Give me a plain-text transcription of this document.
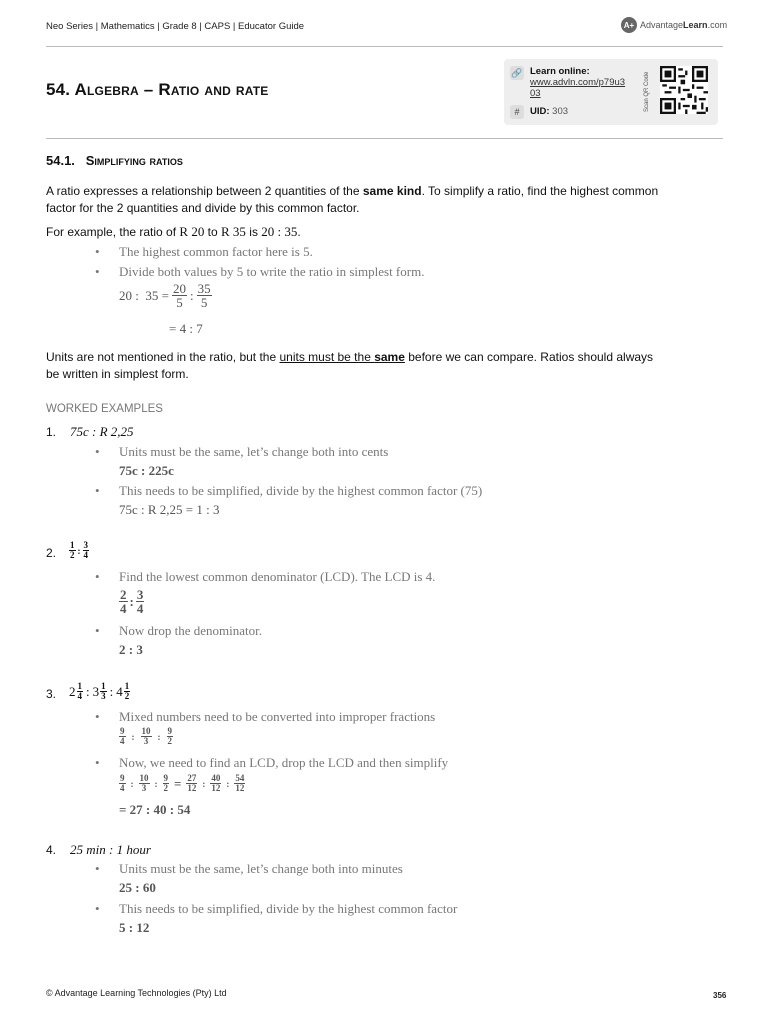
Neo Series | Mathematics | Grade 8 | CAPS | Educator Guide	A+ AdvantageLearn.com
54. Algebra – Ratio and rate
🔗 Learn online:
www.advln.com/p79u3
03
#	UID: 303	Scan QR Code
54.1.   Simplifying ratios
A ratio expresses a relationship between 2 quantities of the same kind. To simplify a ratio, find the highest common
factor for the 2 quantities and divide by this common factor.
For example, the ratio of R 20 to R 35 is 20 : 35.
• The highest common factor here is 5.
• Divide both values by 5 to write the ratio in simplest form.
20 :  $35 = \frac{20}{5}$ : $\frac{35}{5}$
= 4 : 7
Units are not mentioned in the ratio, but the units must be the same before we can compare. Ratios should always
be written in simplest form.
WORKED EXAMPLES
1. 75c : R 2,25
• Units must be the same, let’s change both into cents
75c : 225c
• This needs to be simplified, divide by the highest common factor (75)
75c : R 2,25 = 1 : 3
2. $\frac{1}{2}$ : $\frac{3}{4}$
• Find the lowest common denominator (LCD). The LCD is 4.
$\frac{2}{4}$ : $\frac{3}{4}$
• Now drop the denominator.
2 : 3
3. $2 \frac{1}{4}$ : $3 \frac{1}{3}$ : $4 \frac{1}{2}$
• Mixed numbers need to be converted into improper fractions
$\frac{9}{4}$ : $\frac{10}{3}$ : $\frac{9}{2}$
• Now, we need to find an LCD, drop the LCD and then simplify
$\frac{9}{4}$ : $\frac{10}{3}$ : $\frac{9}{2} = \frac{27}{12}$ : $\frac{40}{12}$ : $\frac{54}{12}$
= 27 : 40 : 54
4. 25 min : 1 hour
• Units must be the same, let’s change both into minutes
25 : 60
• This needs to be simplified, divide by the highest common factor
5 : 12
© Advantage Learning Technologies (Pty) Ltd	356
